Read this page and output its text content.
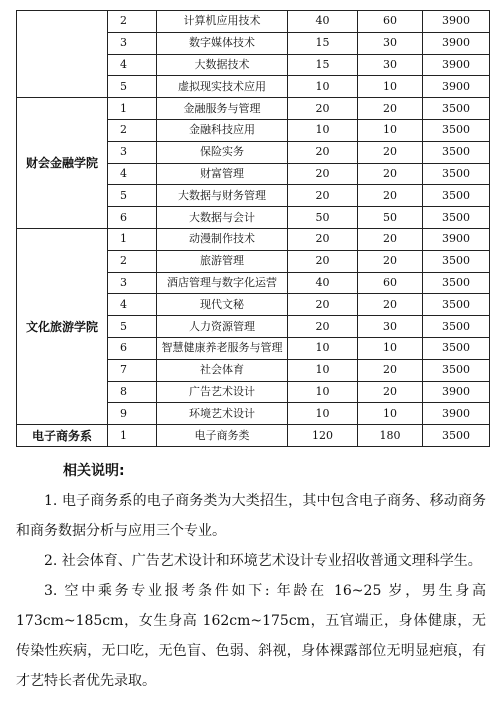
	2	计算机应用技术	40	60	3900
	3	数字媒体技术	15	30	3900
	4	大数据技术	15	30	3900
	5	虚拟现实技术应用	10	10	3900
财会金融学院	1	金融服务与管理	20	20	3500
	2	金融科技应用	10	10	3500
	3	保险实务	20	20	3500
	4	财富管理	20	20	3500
	5	大数据与财务管理	20	20	3500
	6	大数据与会计	50	50	3500
文化旅游学院	1	动漫制作技术	20	20	3900
	2	旅游管理	20	20	3500
	3	酒店管理与数字化运营	40	60	3500
	4	现代文秘	20	20	3500
	5	人力资源管理	20	30	3500
	6	智慧健康养老服务与管理	10	10	3500
	7	社会体育	10	20	3500
	8	广告艺术设计	10	20	3900
	9	环境艺术设计	10	10	3900
电子商务系	1	电子商务类	120	180	3500

相关说明:

1. 电子商务系的电子商务类为大类招生，其中包含电子商务、移动商务和商务数据分析与应用三个专业。

2. 社会体育、广告艺术设计和环境艺术设计专业招收普通文理科学生。

3. 空中乘务专业报考条件如下: 年龄在 16~25 岁，男生身高 173cm~185cm，女生身高 162cm~175cm，五官端正，身体健康，无传染性疾病，无口吃，无色盲、色弱、斜视，身体裸露部位无明显疤痕，有才艺特长者优先录取。
